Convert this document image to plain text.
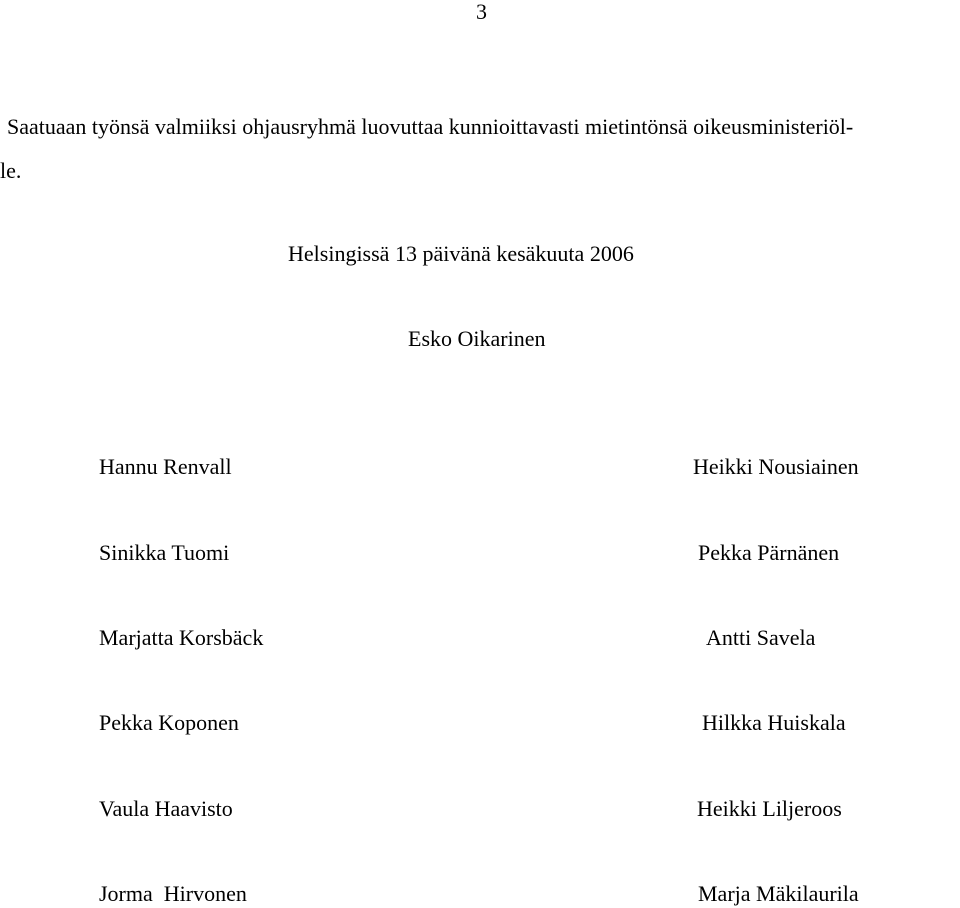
3
Saatuaan työnsä valmiiksi ohjausryhmä luovuttaa kunnioittavasti mietintönsä oikeusministeriöl-
le.
Helsingissä 13 päivänä kesäkuuta 2006
Esko Oikarinen
Hannu Renvall
Sinikka Tuomi
Marjatta Korsbäck
Pekka Koponen
Vaula Haavisto
Jorma  Hirvonen
Heikki Nousiainen
Pekka Pärnänen
Antti Savela
Hilkka Huiskala
Heikki Liljeroos
Marja Mäkilaurila
